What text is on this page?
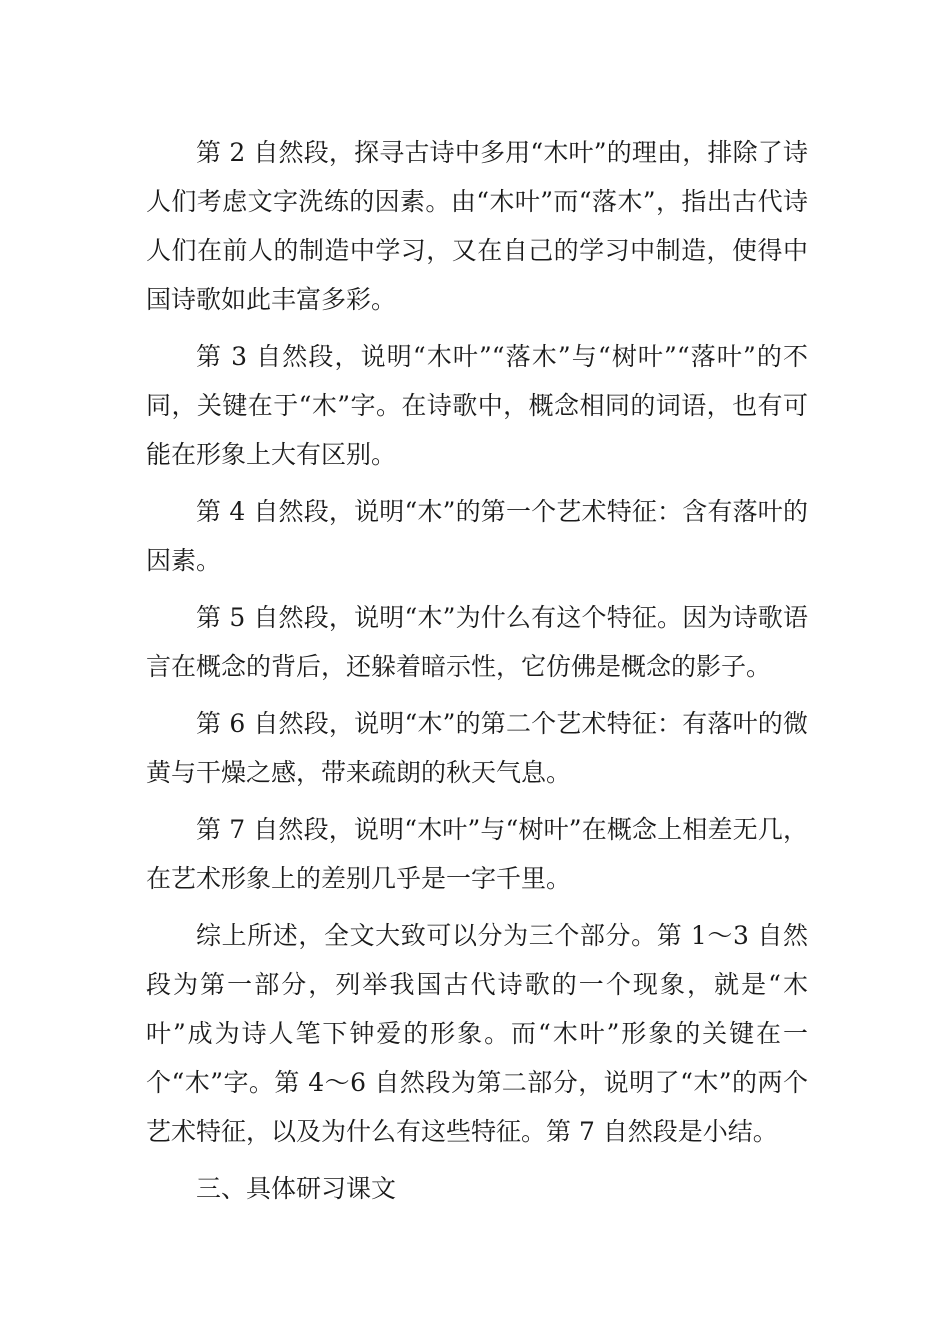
第 2 自然段，探寻古诗中多用“木叶”的理由，排除了诗人们考虑文字洗练的因素。由“木叶”而“落木”，指出古代诗人们在前人的制造中学习，又在自己的学习中制造，使得中国诗歌如此丰富多彩。

第 3 自然段，说明“木叶”“落木”与“树叶”“落叶”的不同，关键在于“木”字。在诗歌中，概念相同的词语，也有可能在形象上大有区别。

第 4 自然段，说明“木”的第一个艺术特征：含有落叶的因素。

第 5 自然段，说明“木”为什么有这个特征。因为诗歌语言在概念的背后，还躲着暗示性，它仿佛是概念的影子。

第 6 自然段，说明“木”的第二个艺术特征：有落叶的微黄与干燥之感，带来疏朗的秋天气息。

第 7 自然段，说明“木叶”与“树叶”在概念上相差无几，在艺术形象上的差别几乎是一字千里。

综上所述，全文大致可以分为三个部分。第 1～3 自然段为第一部分，列举我国古代诗歌的一个现象，就是“木叶”成为诗人笔下钟爱的形象。而“木叶”形象的关键在一个“木”字。第 4～6 自然段为第二部分，说明了“木”的两个艺术特征，以及为什么有这些特征。第 7 自然段是小结。

三、具体研习课文
